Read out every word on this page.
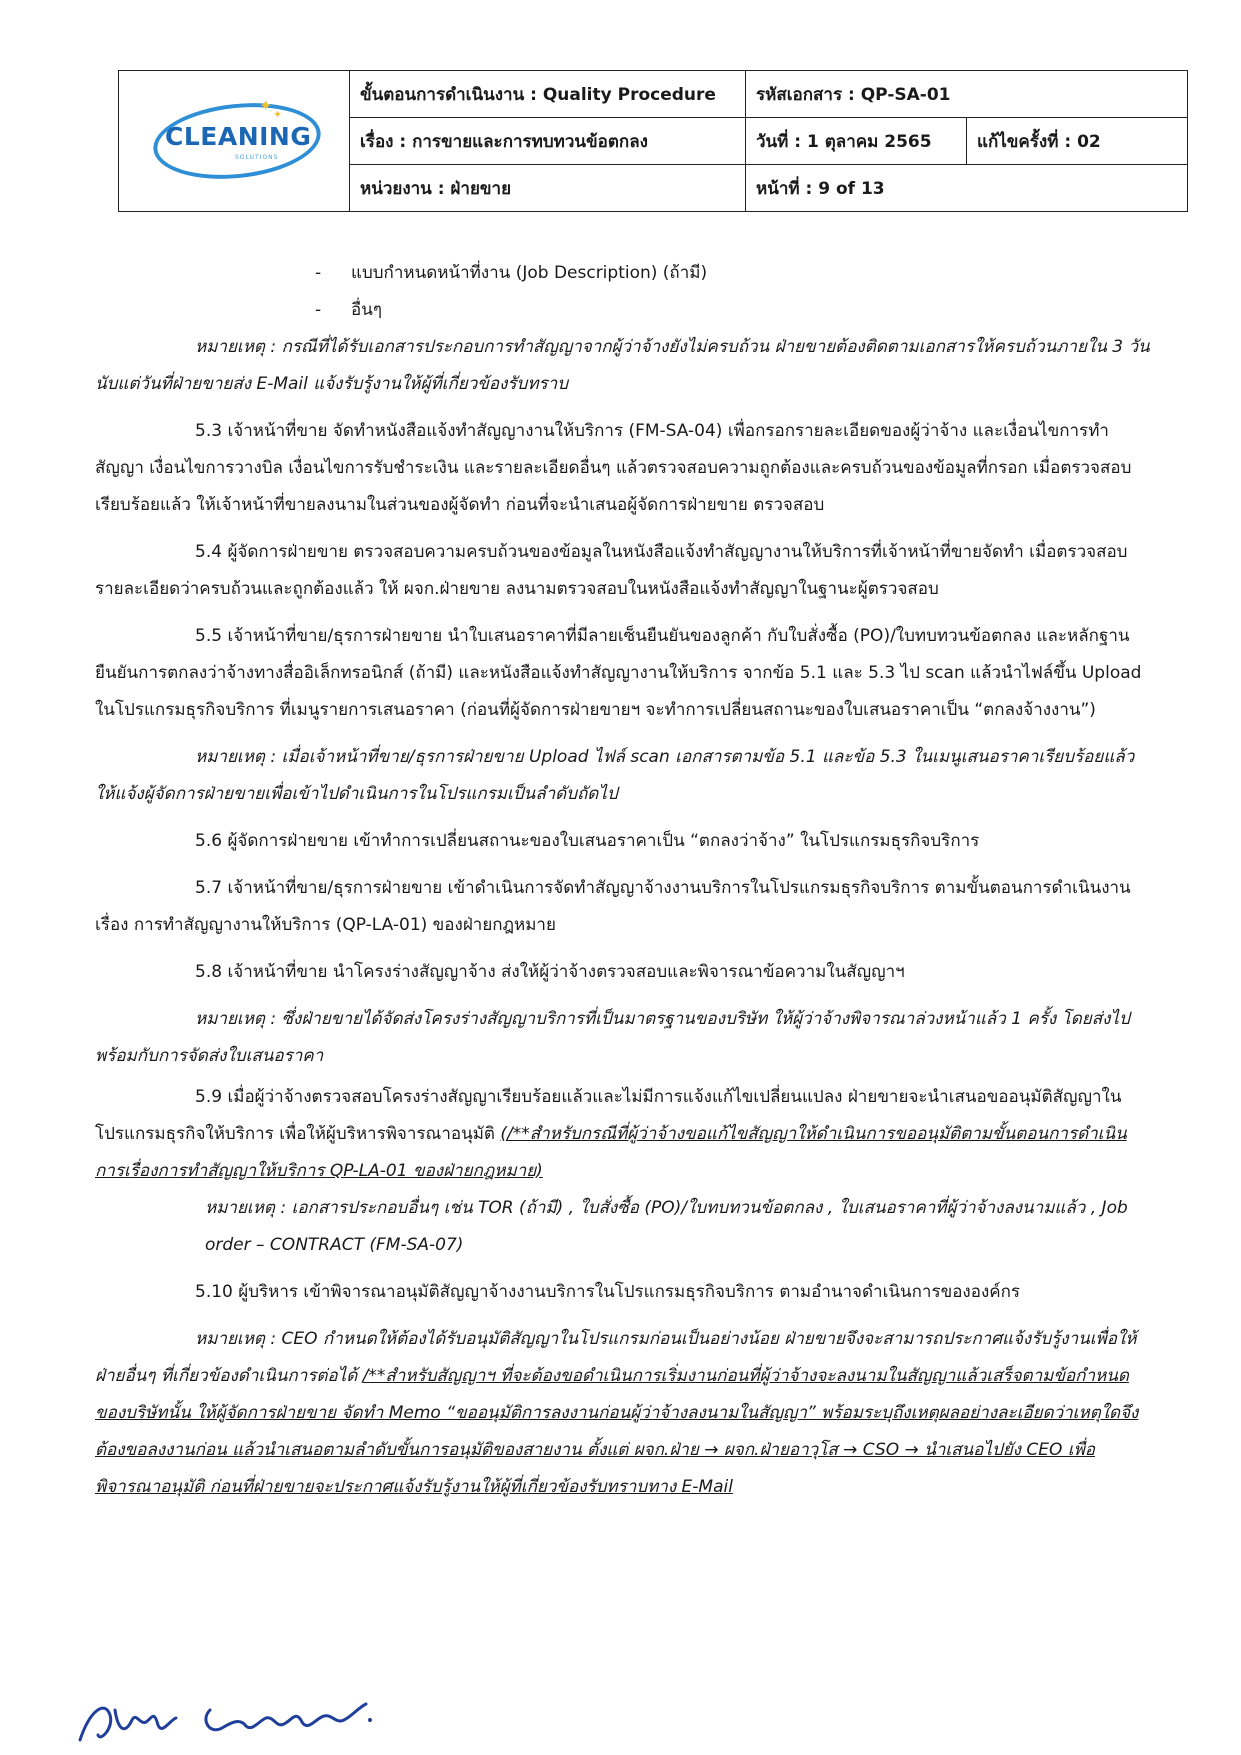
✦ ✦
CLEANING
SOLUTIONS	ขั้นตอนการดำเนินงาน : Quality Procedure	รหัสเอกสาร : QP-SA-01	
	เรื่อง : การขายและการทบทวนข้อตกลง	วันที่ : 1 ตุลาคม 2565	แก้ไขครั้งที่ : 02
	หน่วยงาน : ฝ่ายขาย	หน้าที่ : 9 of 13	

- แบบกำหนดหน้าที่งาน (Job Description) (ถ้ามี)

- อื่นๆ

หมายเหตุ : กรณีที่ได้รับเอกสารประกอบการทำสัญญาจากผู้ว่าจ้างยังไม่ครบถ้วน ฝ่ายขายต้องติดตามเอกสารให้ครบถ้วนภายใน 3 วัน นับแต่วันที่ฝ่ายขายส่ง E-Mail แจ้งรับรู้งานให้ผู้ที่เกี่ยวข้องรับทราบ

5.3 เจ้าหน้าที่ขาย จัดทำหนังสือแจ้งทำสัญญางานให้บริการ (FM-SA-04) เพื่อกรอกรายละเอียดของผู้ว่าจ้าง และเงื่อนไขการทำสัญญา เงื่อนไขการวางบิล เงื่อนไขการรับชำระเงิน และรายละเอียดอื่นๆ แล้วตรวจสอบความถูกต้องและครบถ้วนของข้อมูลที่กรอก เมื่อตรวจสอบเรียบร้อยแล้ว ให้เจ้าหน้าที่ขายลงนามในส่วนของผู้จัดทำ ก่อนที่จะนำเสนอผู้จัดการฝ่ายขาย ตรวจสอบ

5.4 ผู้จัดการฝ่ายขาย ตรวจสอบความครบถ้วนของข้อมูลในหนังสือแจ้งทำสัญญางานให้บริการที่เจ้าหน้าที่ขายจัดทำ เมื่อตรวจสอบรายละเอียดว่าครบถ้วนและถูกต้องแล้ว ให้ ผจก.ฝ่ายขาย ลงนามตรวจสอบในหนังสือแจ้งทำสัญญาในฐานะผู้ตรวจสอบ

5.5 เจ้าหน้าที่ขาย/ธุรการฝ่ายขาย นำใบเสนอราคาที่มีลายเซ็นยืนยันของลูกค้า กับใบสั่งซื้อ (PO)/ใบทบทวนข้อตกลง และหลักฐานยืนยันการตกลงว่าจ้างทางสื่ออิเล็กทรอนิกส์ (ถ้ามี) และหนังสือแจ้งทำสัญญางานให้บริการ จากข้อ 5.1 และ 5.3 ไป scan แล้วนำไฟล์ขึ้น Upload ในโปรแกรมธุรกิจบริการ ที่เมนูรายการเสนอราคา (ก่อนที่ผู้จัดการฝ่ายขายฯ จะทำการเปลี่ยนสถานะของใบเสนอราคาเป็น “ตกลงจ้างงาน”)

หมายเหตุ : เมื่อเจ้าหน้าที่ขาย/ธุรการฝ่ายขาย Upload ไฟล์ scan เอกสารตามข้อ 5.1 และข้อ 5.3 ในเมนูเสนอราคาเรียบร้อยแล้ว ให้แจ้งผู้จัดการฝ่ายขายเพื่อเข้าไปดำเนินการในโปรแกรมเป็นลำดับถัดไป

5.6 ผู้จัดการฝ่ายขาย เข้าทำการเปลี่ยนสถานะของใบเสนอราคาเป็น “ตกลงว่าจ้าง” ในโปรแกรมธุรกิจบริการ

5.7 เจ้าหน้าที่ขาย/ธุรการฝ่ายขาย เข้าดำเนินการจัดทำสัญญาจ้างงานบริการในโปรแกรมธุรกิจบริการ ตามขั้นตอนการดำเนินงาน เรื่อง การทำสัญญางานให้บริการ (QP-LA-01) ของฝ่ายกฎหมาย

5.8 เจ้าหน้าที่ขาย นำโครงร่างสัญญาจ้าง ส่งให้ผู้ว่าจ้างตรวจสอบและพิจารณาข้อความในสัญญาฯ

หมายเหตุ : ซึ่งฝ่ายขายได้จัดส่งโครงร่างสัญญาบริการที่เป็นมาตรฐานของบริษัท ให้ผู้ว่าจ้างพิจารณาล่วงหน้าแล้ว 1 ครั้ง โดยส่งไปพร้อมกับการจัดส่งใบเสนอราคา

5.9 เมื่อผู้ว่าจ้างตรวจสอบโครงร่างสัญญาเรียบร้อยแล้วและไม่มีการแจ้งแก้ไขเปลี่ยนแปลง ฝ่ายขายจะนำเสนอขออนุมัติสัญญาในโปรแกรมธุรกิจให้บริการ เพื่อให้ผู้บริหารพิจารณาอนุมัติ (/**สำหรับกรณีที่ผู้ว่าจ้างขอแก้ไขสัญญาให้ดำเนินการขออนุมัติตามขั้นตอนการดำเนินการเรื่องการทำสัญญาให้บริการ QP-LA-01 ของฝ่ายกฎหมาย)

หมายเหตุ : เอกสารประกอบอื่นๆ เช่น TOR (ถ้ามี) , ใบสั่งซื้อ (PO)/ใบทบทวนข้อตกลง , ใบเสนอราคาที่ผู้ว่าจ้างลงนามแล้ว , Job order – CONTRACT (FM-SA-07)

5.10 ผู้บริหาร เข้าพิจารณาอนุมัติสัญญาจ้างงานบริการในโปรแกรมธุรกิจบริการ ตามอำนาจดำเนินการขององค์กร

หมายเหตุ : CEO กำหนดให้ต้องได้รับอนุมัติสัญญาในโปรแกรมก่อนเป็นอย่างน้อย ฝ่ายขายจึงจะสามารถประกาศแจ้งรับรู้งานเพื่อให้ฝ่ายอื่นๆ ที่เกี่ยวข้องดำเนินการต่อได้ /**สำหรับสัญญาฯ ที่จะต้องขอดำเนินการเริ่มงานก่อนที่ผู้ว่าจ้างจะลงนามในสัญญาแล้วเสร็จตามข้อกำหนดของบริษัทนั้น ให้ผู้จัดการฝ่ายขาย จัดทำ Memo “ขออนุมัติการลงงานก่อนผู้ว่าจ้างลงนามในสัญญา” พร้อมระบุถึงเหตุผลอย่างละเอียดว่าเหตุใดจึงต้องขอลงงานก่อน แล้วนำเสนอตามลำดับขั้นการอนุมัติของสายงาน ตั้งแต่ ผจก.ฝ่าย → ผจก.ฝ่ายอาวุโส → CSO → นำเสนอไปยัง CEO เพื่อพิจารณาอนุมัติ ก่อนที่ฝ่ายขายจะประกาศแจ้งรับรู้งานให้ผู้ที่เกี่ยวข้องรับทราบทาง E-Mail
